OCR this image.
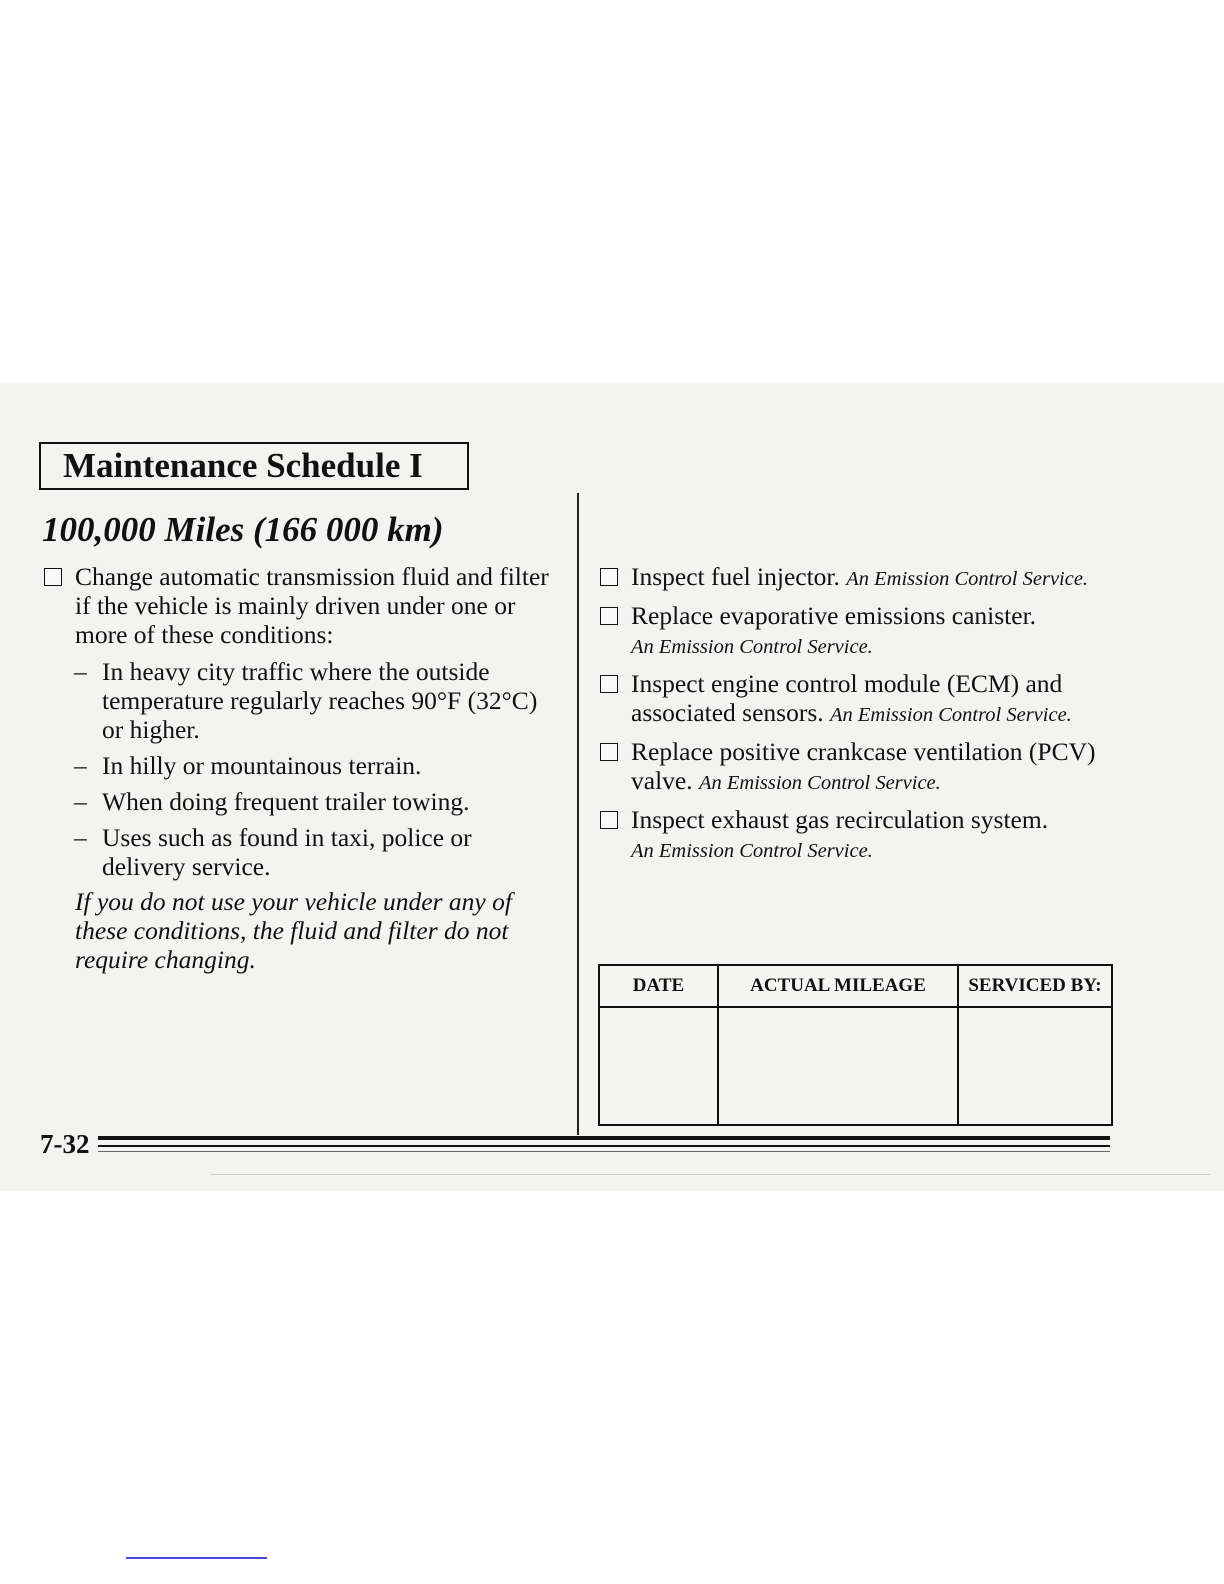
Maintenance Schedule I
100,000 Miles (166 000 km)
Change automatic transmission fluid and filter if the vehicle is mainly driven under one or more of these conditions:
– In heavy city traffic where the outside temperature regularly reaches 90°F (32°C) or higher.
– In hilly or mountainous terrain.
– When doing frequent trailer towing.
– Uses such as found in taxi, police or delivery service.
If you do not use your vehicle under any of these conditions, the fluid and filter do not require changing.
Inspect fuel injector. An Emission Control Service.
Replace evaporative emissions canister.
An Emission Control Service.
Inspect engine control module (ECM) and associated sensors. An Emission Control Service.
Replace positive crankcase ventilation (PCV) valve. An Emission Control Service.
Inspect exhaust gas recirculation system.
An Emission Control Service.
DATE	ACTUAL MILEAGE	SERVICED BY:

7-32
